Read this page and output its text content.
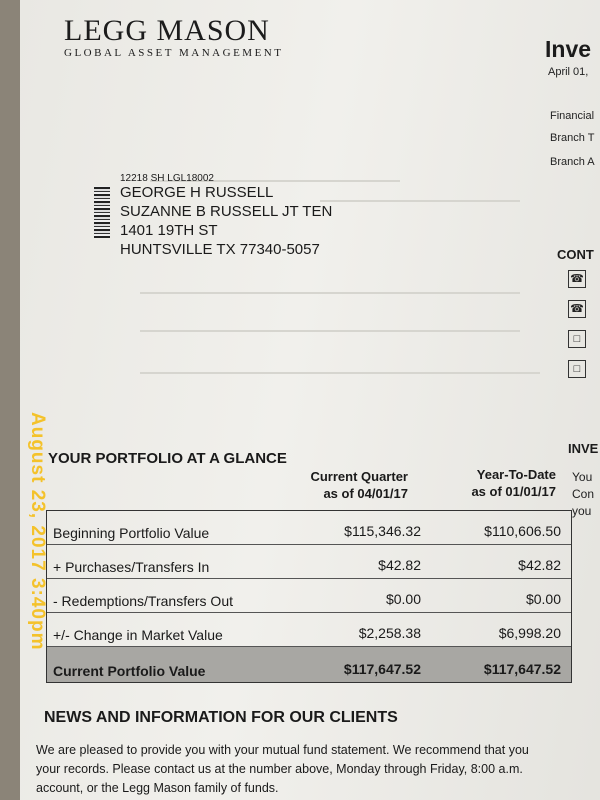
LEGG MASON
GLOBAL ASSET MANAGEMENT	Inve
April 01,
Financial
Branch T
Branch A
12218 SH LGL18002
GEORGE H RUSSELL
SUZANNE B RUSSELL JT TEN
1401 19TH ST
HUNTSVILLE TX 77340-5057	CONT
☎
☎
□
□
INVE
You
Con
you
YOUR PORTFOLIO AT A GLANCE
Current Quarter
as of 04/01/17
Year-To-Date
as of 01/01/17
Beginning Portfolio Value	$115,346.32	$110,606.50
+ Purchases/Transfers In	$42.82	$42.82
- Redemptions/Transfers Out	$0.00	$0.00
+/- Change in Market Value	$2,258.38	$6,998.20
Current Portfolio Value	$117,647.52	$117,647.52
NEWS AND INFORMATION FOR OUR CLIENTS
We are pleased to provide you with your mutual fund statement. We recommend that you
your records. Please contact us at the number above, Monday through Friday, 8:00 a.m.
account, or the Legg Mason family of funds.
August 23, 2017 3:40pm
